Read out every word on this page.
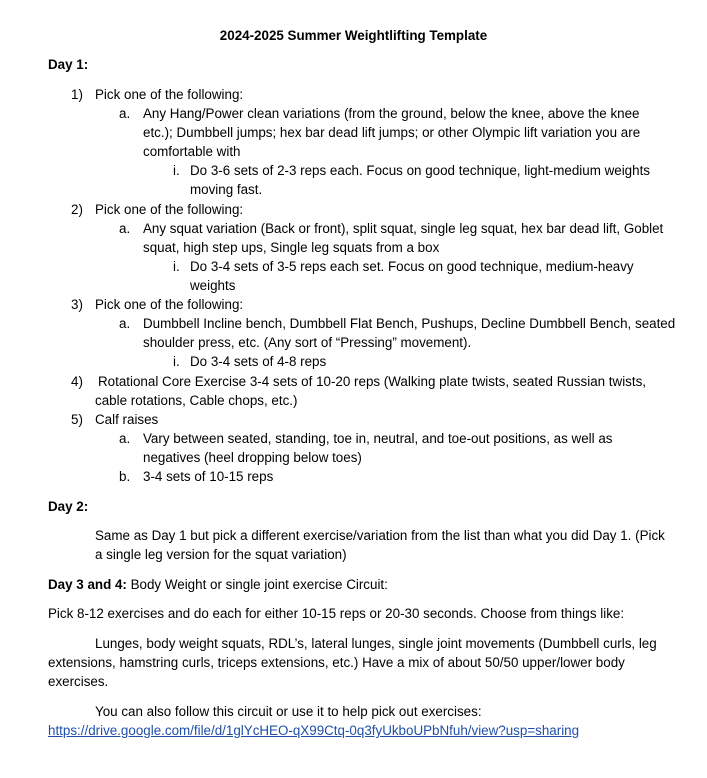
2024-2025 Summer Weightlifting Template
Day 1:
1) Pick one of the following:
a. Any Hang/Power clean variations (from the ground, below the knee, above the knee
etc.); Dumbbell jumps; hex bar dead lift jumps; or other Olympic lift variation you are
comfortable with
i. Do 3-6 sets of 2-3 reps each. Focus on good technique, light-medium weights
moving fast.
2) Pick one of the following:
a. Any squat variation (Back or front), split squat, single leg squat, hex bar dead lift, Goblet
squat, high step ups, Single leg squats from a box
i. Do 3-4 sets of 3-5 reps each set. Focus on good technique, medium-heavy
weights
3) Pick one of the following:
a. Dumbbell Incline bench, Dumbbell Flat Bench, Pushups, Decline Dumbbell Bench, seated
shoulder press, etc. (Any sort of “Pressing” movement).
i. Do 3-4 sets of 4-8 reps
4) Rotational Core Exercise 3-4 sets of 10-20 reps (Walking plate twists, seated Russian twists,
cable rotations, Cable chops, etc.)
5) Calf raises
a. Vary between seated, standing, toe in, neutral, and toe-out positions, as well as
negatives (heel dropping below toes)
b. 3-4 sets of 10-15 reps
Day 2:
Same as Day 1 but pick a different exercise/variation from the list than what you did Day 1. (Pick
a single leg version for the squat variation)
Day 3 and 4: Body Weight or single joint exercise Circuit:
Pick 8-12 exercises and do each for either 10-15 reps or 20-30 seconds. Choose from things like:
Lunges, body weight squats, RDL’s, lateral lunges, single joint movements (Dumbbell curls, leg
extensions, hamstring curls, triceps extensions, etc.) Have a mix of about 50/50 upper/lower body
exercises.
You can also follow this circuit or use it to help pick out exercises:
https://drive.google.com/file/d/1glYcHEO-qX99Ctq-0q3fyUkboUPbNfuh/view?usp=sharing
